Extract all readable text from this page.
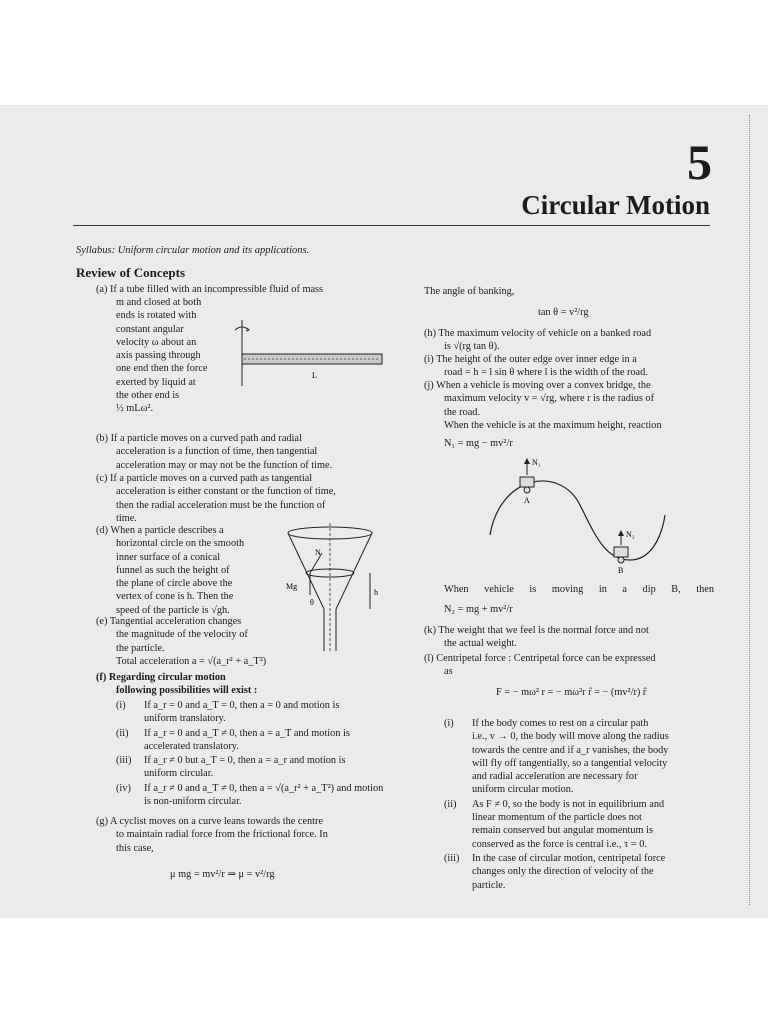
5
Circular Motion
Syllabus: Uniform circular motion and its applications.
Review of Concepts
(a) If a tube filled with an incompressible fluid of mass
m and closed at both
ends is rotated with
constant angular
velocity ω about an
axis passing through
one end then the force
exerted by liquid at
the other end is
½ mLω².
L
(b) If a particle moves on a curved path and radial
acceleration is a function of time, then tangential
acceleration may or may not be the function of time.
(c) If a particle moves on a curved path as tangential
acceleration is either constant or the function of time,
then the radial acceleration must be the function of
time.
(d) When a particle describes a
horizontal circle on the smooth
inner surface of a conical
funnel as such the height of
the plane of circle above the
vertex of cone is h. Then the
speed of the particle is √gh.
N
Mg
θ
h
(e) Tangential acceleration changes
the magnitude of the velocity of
the particle.
Total acceleration a = √(a_r² + a_T²)
(f) Regarding circular motion
following possibilities will exist :
(i)	If a_r = 0 and a_T = 0, then a = 0 and motion is
uniform translatory.
(ii)	If a_r = 0 and a_T ≠ 0, then a = a_T and motion is
accelerated translatory.
(iii)	If a_r ≠ 0 but a_T = 0, then a = a_r and motion is
uniform circular.
(iv)	If a_r ≠ 0 and a_T ≠ 0, then a = √(a_r² + a_T²) and motion
is non-uniform circular.
(g) A cyclist moves on a curve leans towards the centre
to maintain radial force from the frictional force. In
this case,
μ mg = mv²/r ⇒ μ = v²/rg
The angle of banking,
tan θ = v²/rg
(h) The maximum velocity of vehicle on a banked road
is √(rg tan θ).
(i) The height of the outer edge over inner edge in a
road = h = l sin θ where l is the width of the road.
(j) When a vehicle is moving over a convex bridge, the
maximum velocity v = √rg, where r is the radius of
the road.
When the vehicle is at the maximum height, reaction
N₁ = mg − mv²/r
N₁
A
N₂
B
When vehicle is moving in a dip B, then
N₂ = mg + mv²/r
(k) The weight that we feel is the normal force and not
the actual weight.
(l) Centripetal force : Centripetal force can be expressed
as
F = − mω² r = − mω²r r̂ = − (mv²/r) r̂
(i)	If the body comes to rest on a circular path
i.e., v → 0, the body will move along the radius
towards the centre and if a_r vanishes, the body
will fly off tangentially, so a tangential velocity
and radial acceleration are necessary for
uniform circular motion.
(ii)	As F ≠ 0, so the body is not in equilibrium and
linear momentum of the particle does not
remain conserved but angular momentum is
conserved as the force is central i.e., τ = 0.
(iii)	In the case of circular motion, centripetal force
changes only the direction of velocity of the
particle.
